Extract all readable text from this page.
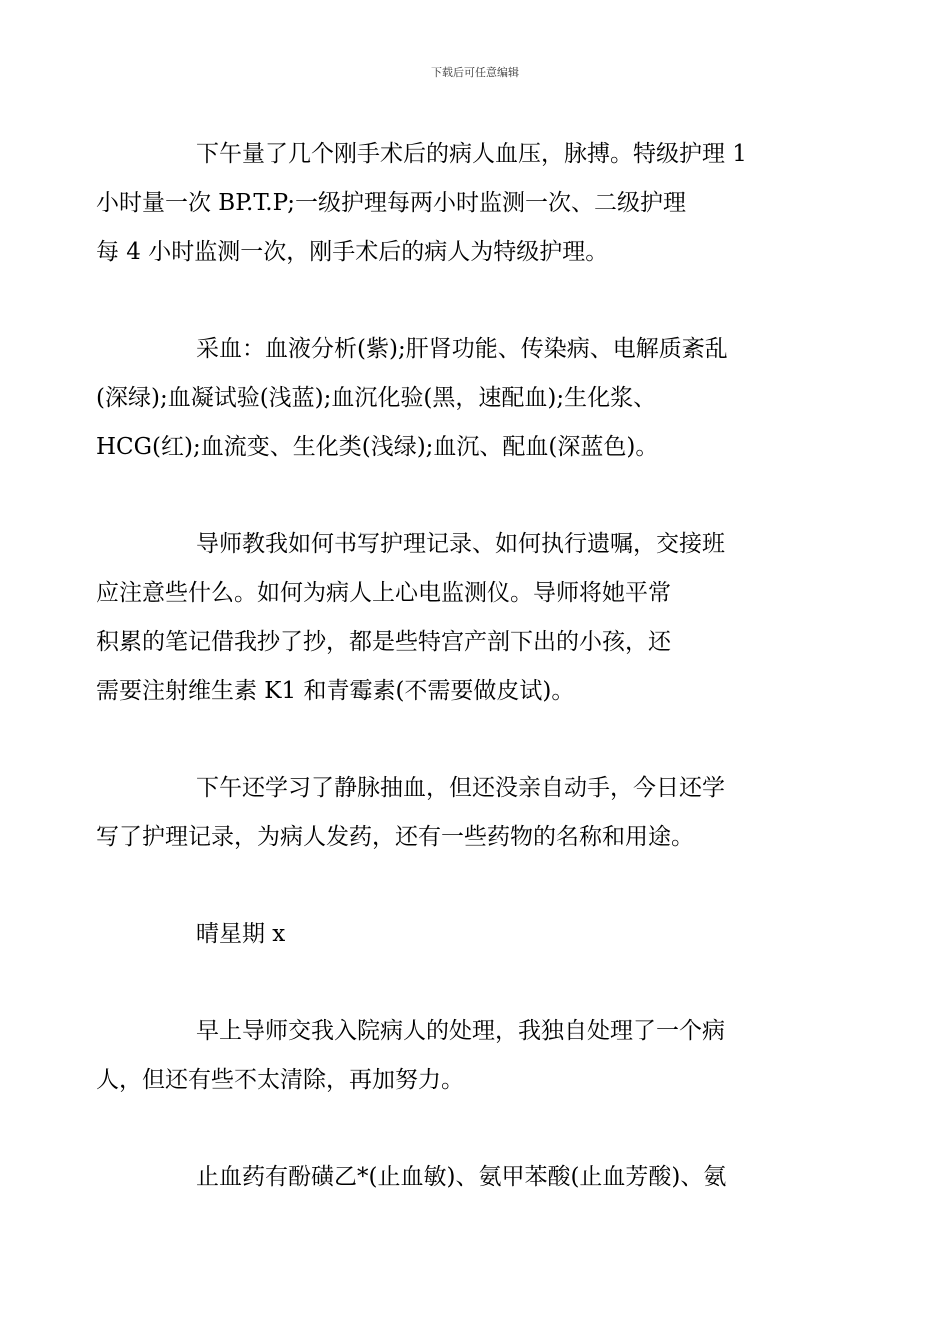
下载后可任意编辑

下午量了几个刚手术后的病人血压，脉搏。特级护理 1
小时量一次 BP.T.P;一级护理每两小时监测一次、二级护理
每 4 小时监测一次，刚手术后的病人为特级护理。

采血：血液分析(紫);肝肾功能、传染病、电解质紊乱
(深绿);血凝试验(浅蓝);血沉化验(黑，速配血);生化浆、
HCG(红);血流变、生化类(浅绿);血沉、配血(深蓝色)。

导师教我如何书写护理记录、如何执行遗嘱，交接班
应注意些什么。如何为病人上心电监测仪。导师将她平常
积累的笔记借我抄了抄，都是些特宫产剖下出的小孩，还
需要注射维生素 K1 和青霉素(不需要做皮试)。

下午还学习了静脉抽血，但还没亲自动手，今日还学
写了护理记录，为病人发药，还有一些药物的名称和用途。

晴星期 x

早上导师交我入院病人的处理，我独自处理了一个病
人，但还有些不太清除，再加努力。

止血药有酚磺乙*(止血敏)、氨甲苯酸(止血芳酸)、氨
